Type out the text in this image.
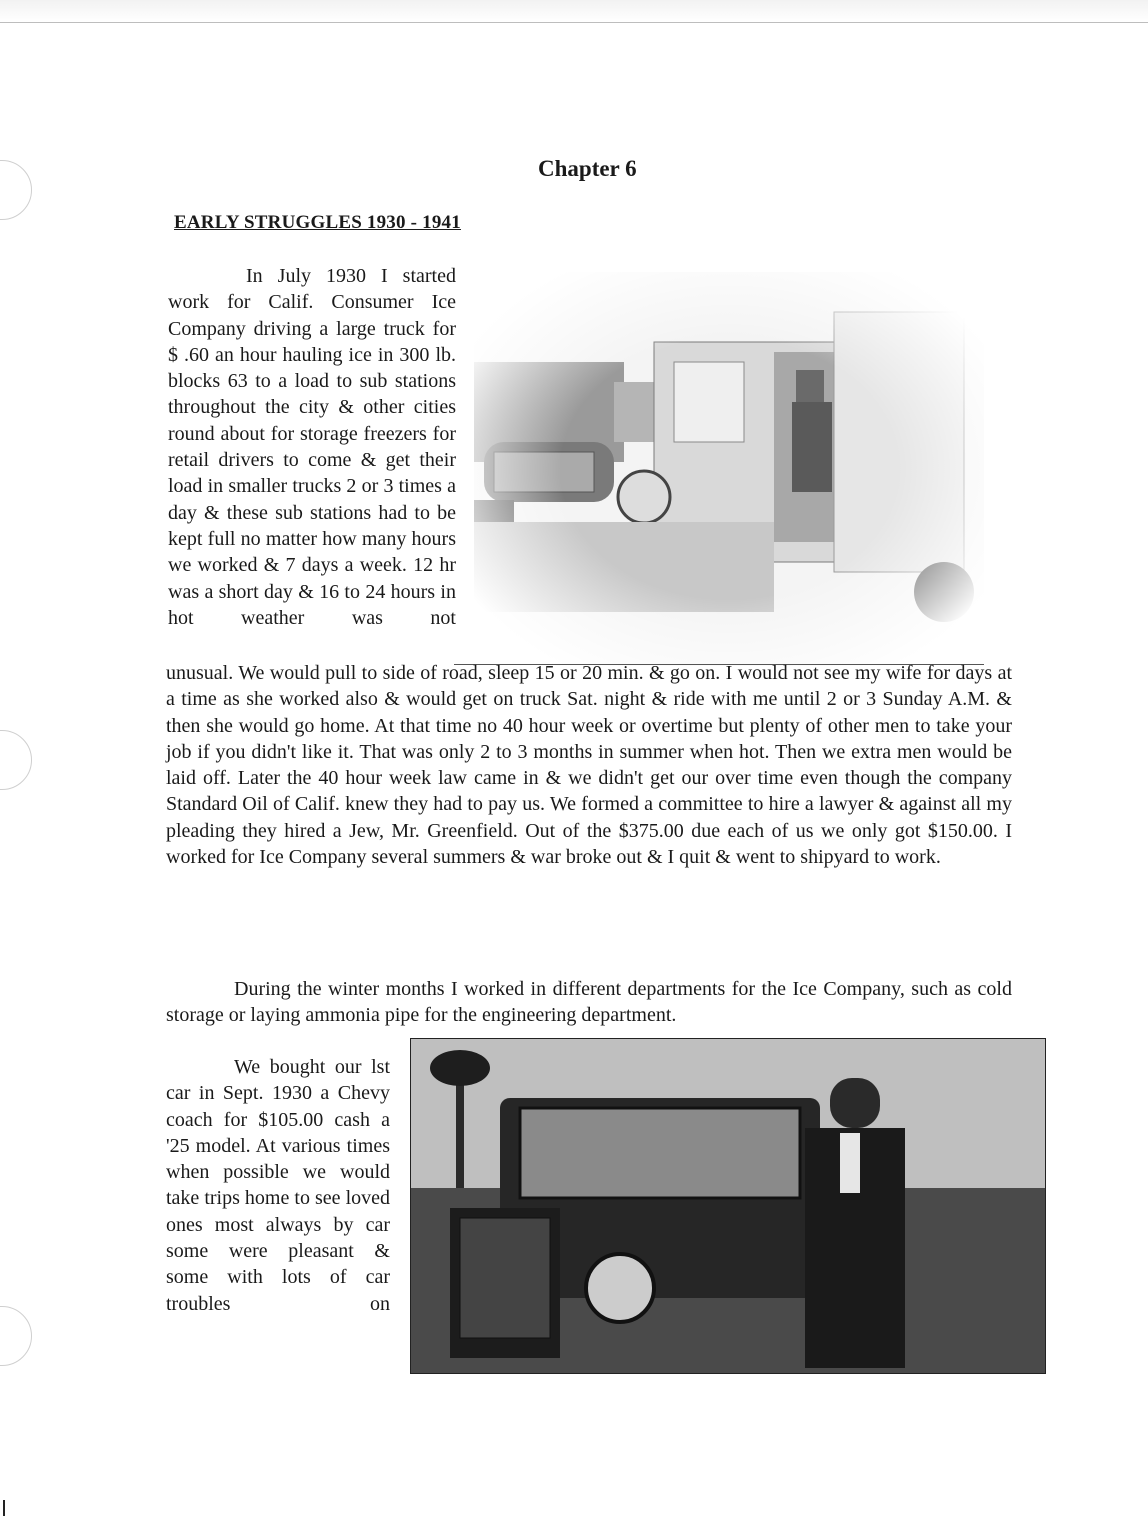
Chapter 6
EARLY STRUGGLES 1930 - 1941
In July 1930 I started work for Calif. Consumer Ice Company driving a large truck for $ .60 an hour hauling ice in 300 lb. blocks 63 to a load to sub stations throughout the city & other cities round about for storage freezers for retail drivers to come & get their load in smaller trucks 2 or 3 times a day & these sub stations had to be kept full no matter how many hours we worked & 7 days a week. 12 hr was a short day & 16 to 24 hours in hot weather was not
unusual. We would pull to side of road, sleep 15 or 20 min. & go on. I would not see my wife for days at a time as she worked also & would get on truck Sat. night & ride with me until 2 or 3 Sunday A.M. & then she would go home. At that time no 40 hour week or overtime but plenty of other men to take your job if you didn't like it. That was only 2 to 3 months in summer when hot. Then we extra men would be laid off. Later the 40 hour week law came in & we didn't get our over time even though the company Standard Oil of Calif. knew they had to pay us. We formed a committee to hire a lawyer & against all my pleading they hired a Jew, Mr. Greenfield. Out of the $375.00 due each of us we only got $150.00. I worked for Ice Company several summers & war broke out & I quit & went to shipyard to work.
During the winter months I worked in different departments for the Ice Company, such as cold storage or laying ammonia pipe for the engineering department.
We bought our lst car in Sept. 1930 a Chevy coach for $105.00 cash a '25 model. At various times when possible we would take trips home to see loved ones most always by car some were pleasant & some with lots of car troubles on
